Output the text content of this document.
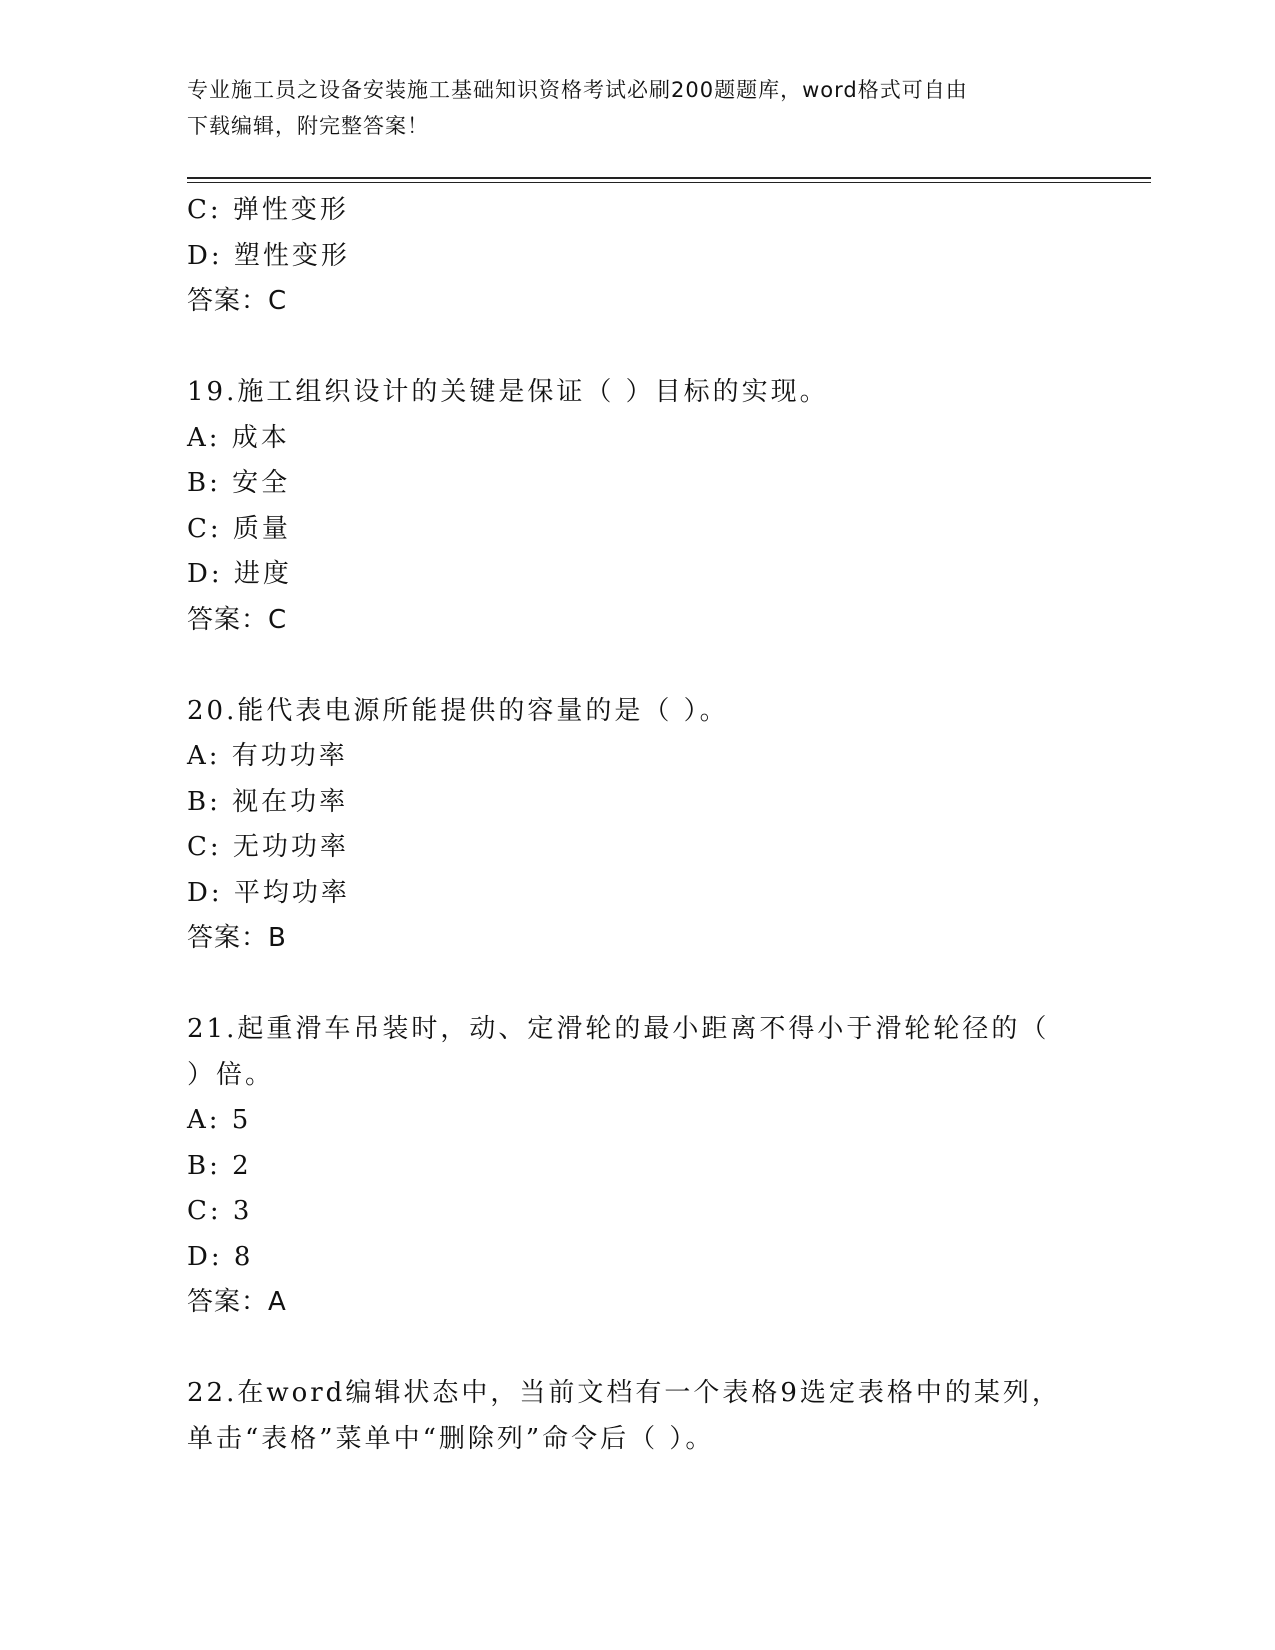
专业施工员之设备安装施工基础知识资格考试必刷200题题库，word格式可自由
下载编辑，附完整答案！
C: 弹性变形
D: 塑性变形
答案：C
19.施工组织设计的关键是保证（ ）目标的实现。
A: 成本
B: 安全
C: 质量
D: 进度
答案：C
20.能代表电源所能提供的容量的是（ ）。
A: 有功功率
B: 视在功率
C: 无功功率
D: 平均功率
答案：B
21.起重滑车吊装时，动、定滑轮的最小距离不得小于滑轮轮径的（
）倍。
A: 5
B: 2
C: 3
D: 8
答案：A
22.在word编辑状态中，当前文档有一个表格9选定表格中的某列，
单击“表格”菜单中“删除列”命令后（ ）。
